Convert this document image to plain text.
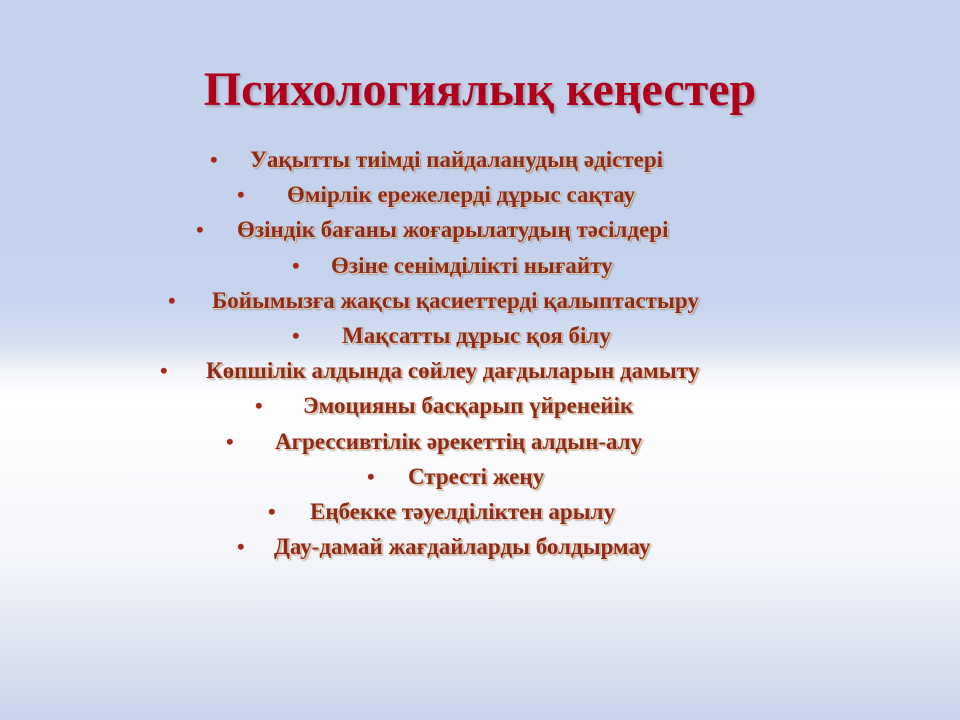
Психологиялық кеңестер
• Уақытты тиімді пайдаланудың әдістері
• Өмірлік ережелерді дұрыс сақтау
• Өзіндік бағаны жоғарылатудың тәсілдері
• Өзіне сенімділікті нығайту
• Бойымызға жақсы қасиеттерді қалыптастыру
• Мақсатты дұрыс қоя білу
• Көпшілік алдында сөйлеу дағдыларын дамыту
• Эмоцияны басқарып үйренейік
• Агрессивтілік әрекеттің алдын-алу
• Стресті жеңу
• Еңбекке тәуелділіктен арылу
• Дау-дамай жағдайларды болдырмау
